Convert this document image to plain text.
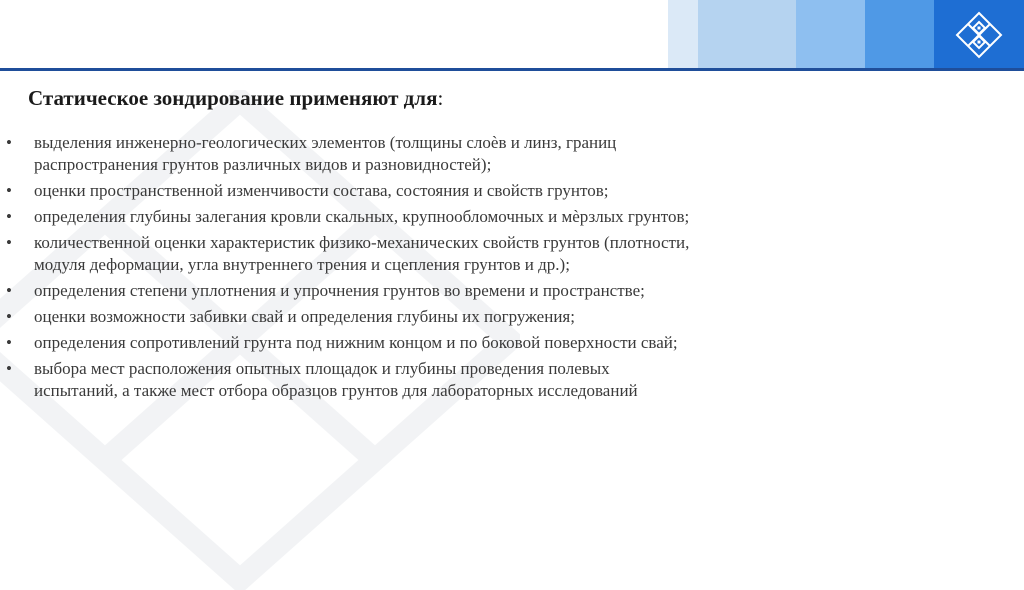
Статическое зондирование применяют для:
• выделения инженерно-геологических элементов (толщины слоѐв и линз, границ распространения грунтов различных видов и разновидностей);
• оценки пространственной изменчивости состава, состояния и свойств грунтов;
• определения глубины залегания кровли скальных, крупнообломочных и мѐрзлых грунтов;
• количественной оценки характеристик физико-механических свойств грунтов (плотности, модуля деформации, угла внутреннего трения и сцепления грунтов и др.);
• определения степени уплотнения и упрочнения грунтов во времени и пространстве;
• оценки возможности забивки свай и определения глубины их погружения;
• определения сопротивлений грунта под нижним концом и по боковой поверхности свай;
• выбора мест расположения опытных площадок и глубины проведения полевых испытаний, а также мест отбора образцов грунтов для лабораторных исследований
